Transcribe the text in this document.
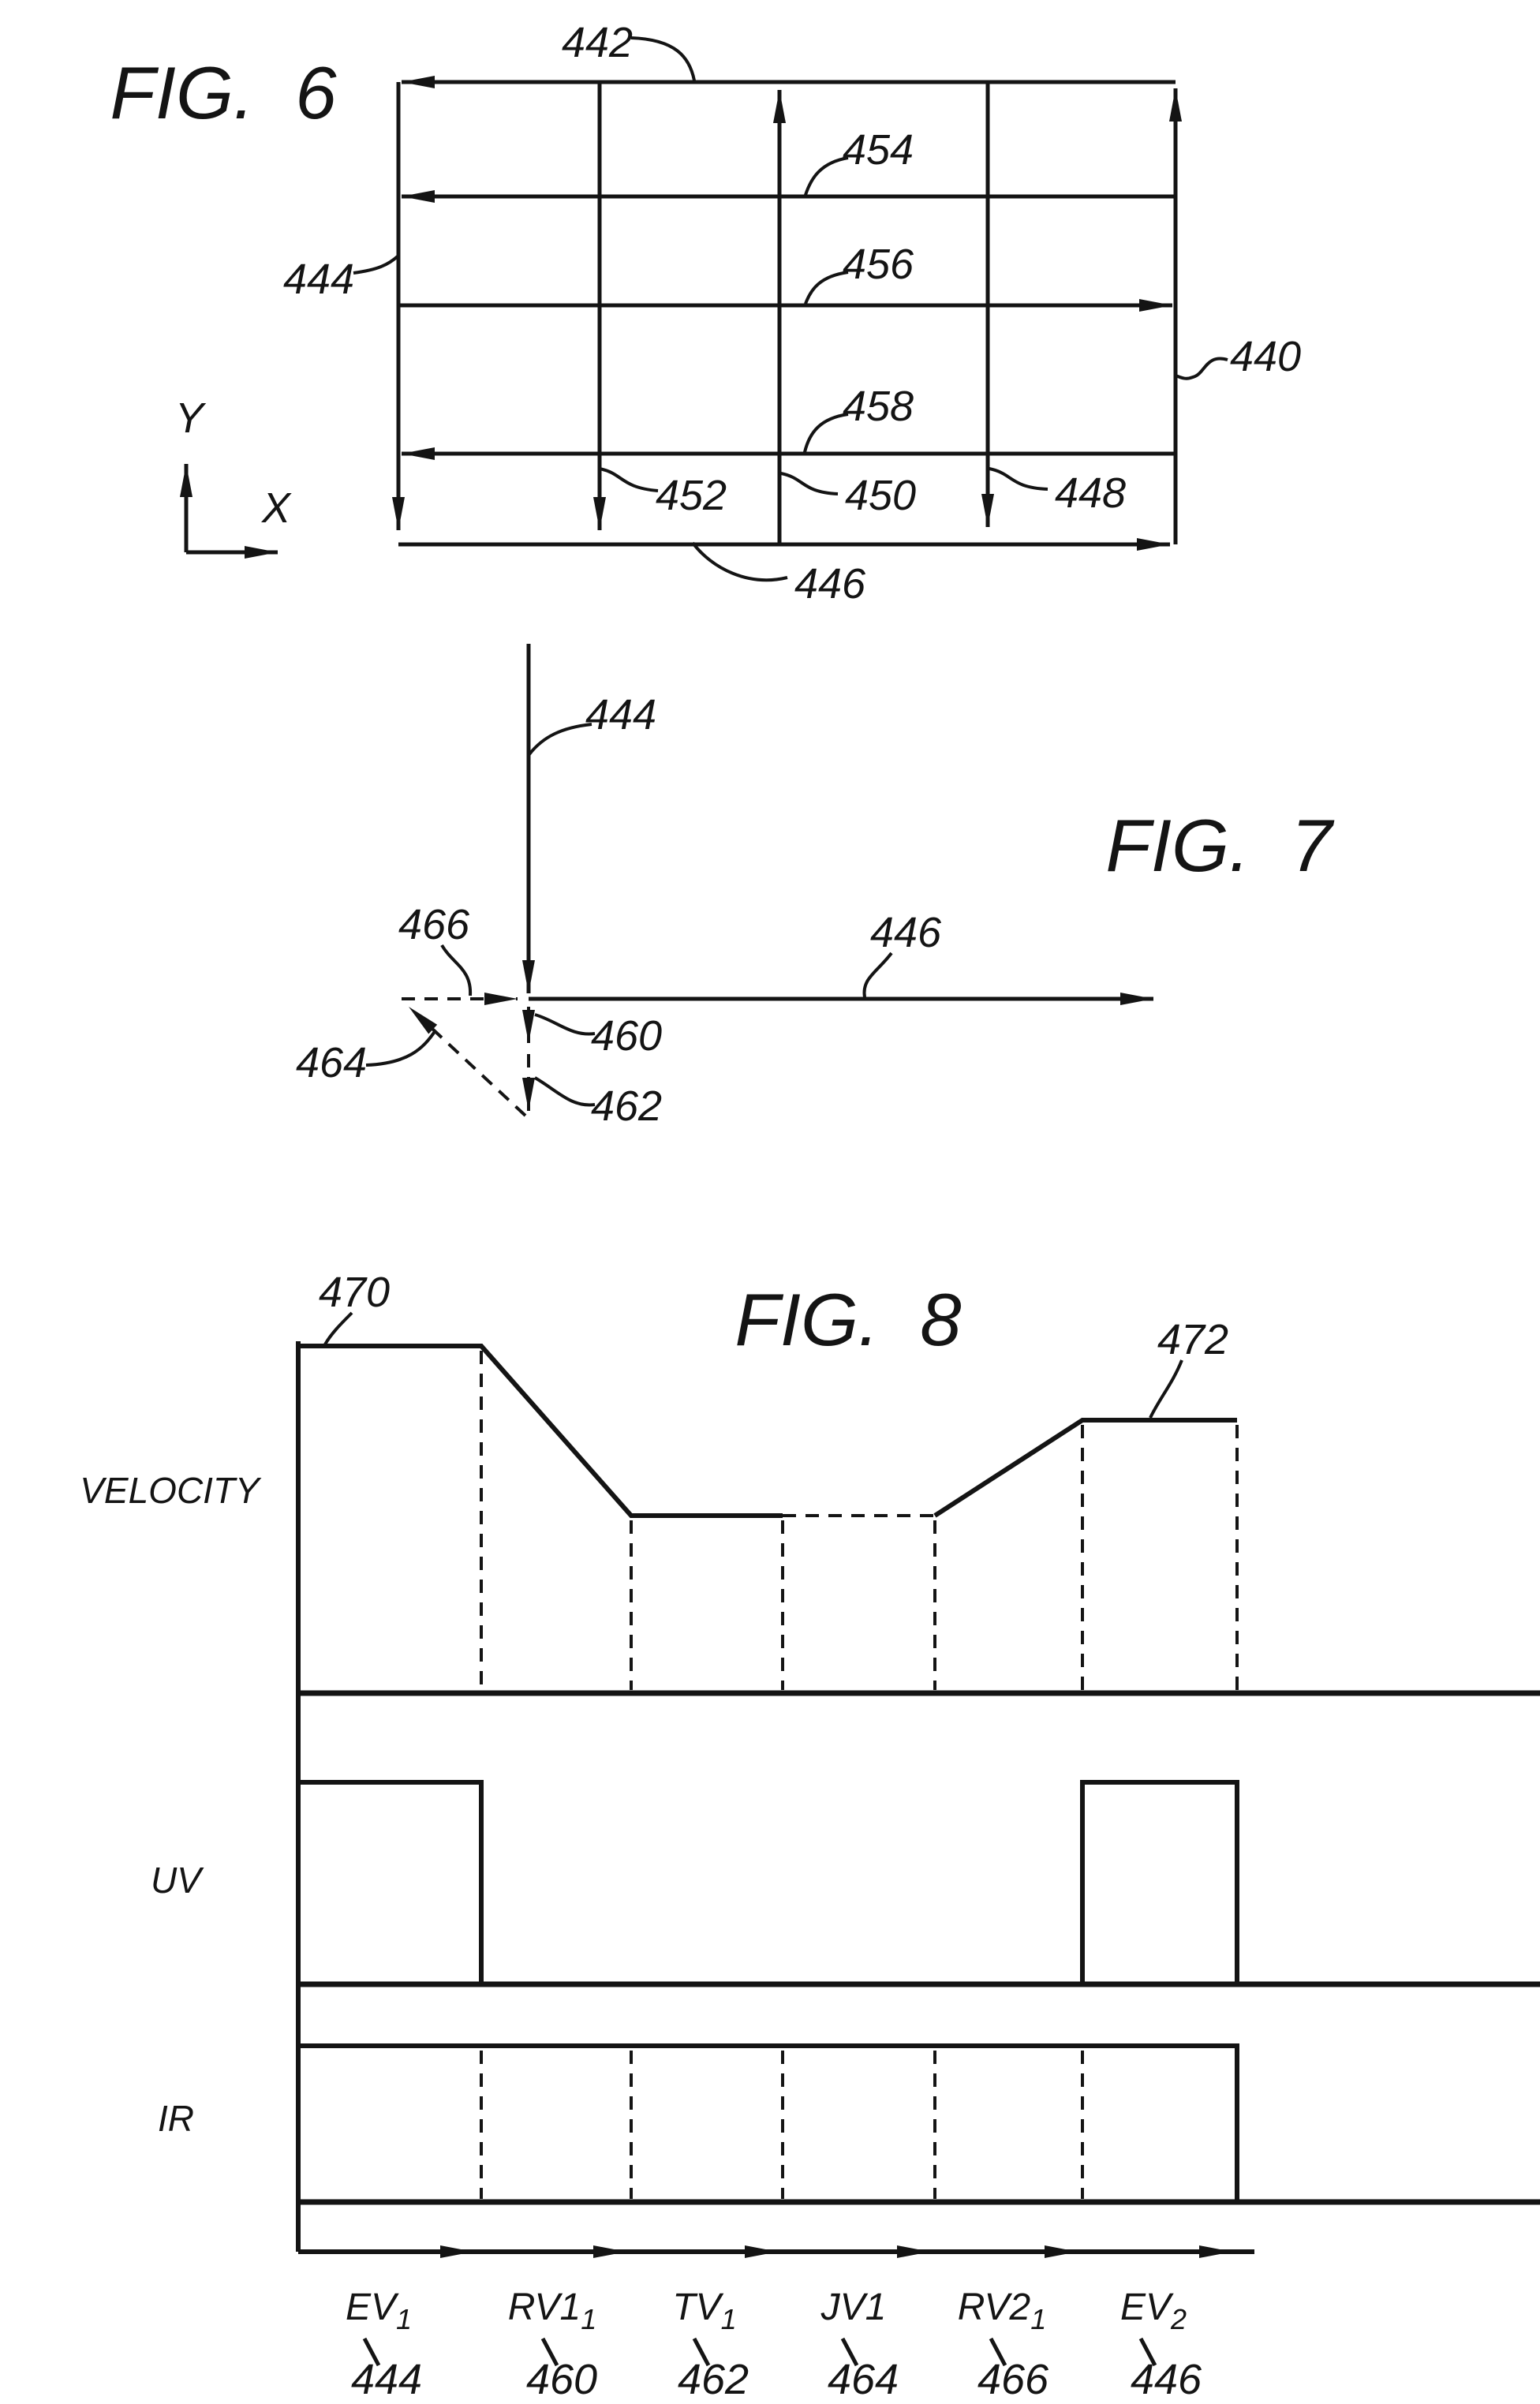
FIG. 6
442
444
454
456
458
440
452	450	448
446
Y
X
FIG. 7
444
466	446
460
462
464
FIG. 8
470
472
VELOCITY
UV
IR
$EV_1$	$RV1_1$ $TV_1$ JV1 $RV2_1$ $EV_2$
444 460 462 464 466 446
